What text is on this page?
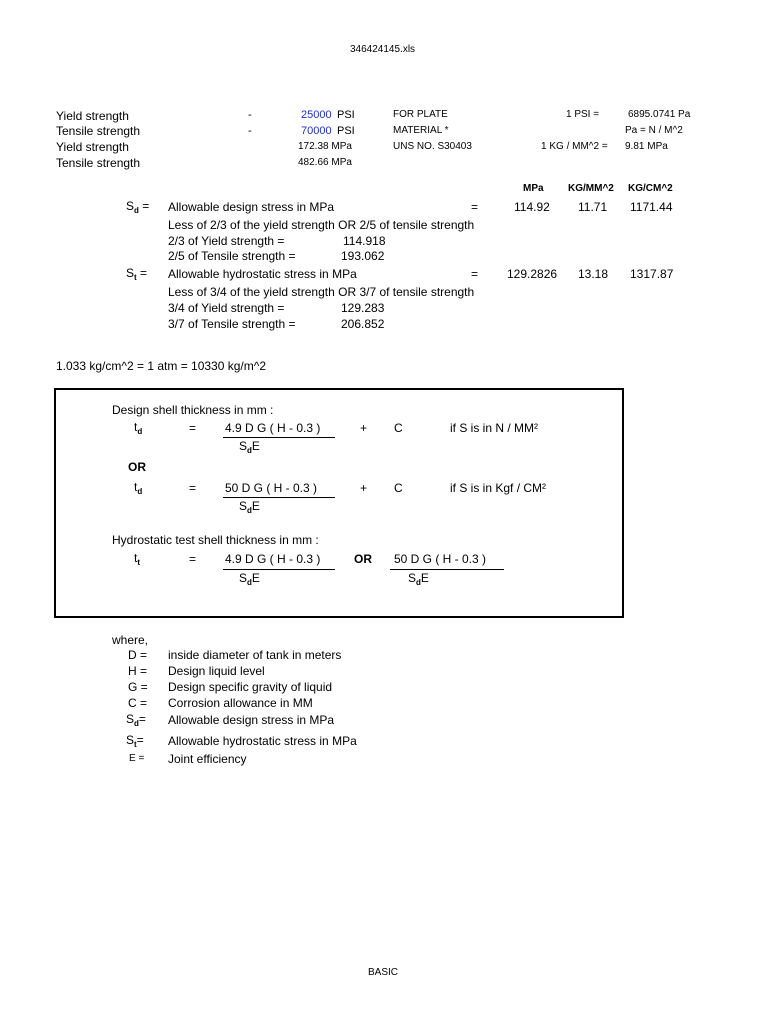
346424145.xls
Yield strength	-	25000 PSI	FOR PLATE	1 PSI =	6895.0741 Pa
Tensile strength	-	70000 PSI	MATERIAL *	Pa = N / M^2
Yield strength	172.38 MPa	UNS NO. S30403	1 KG / MM^2 = 9.81 MPa
Tensile strength	482.66 MPa
MPa KG/MM^2 KG/CM^2
$S_d$ = Allowable design stress in MPa	=	114.92 11.71 1171.44
Less of 2/3 of the yield strength OR 2/5 of tensile strength
2/3 of Yield strength =	114.918
2/5 of Tensile strength =	193.062
$S_t$ = Allowable hydrostatic stress in MPa	= 129.2826 13.18 1317.87
Less of 3/4 of the yield strength OR 3/7 of tensile strength
3/4 of Yield strength =	129.283
3/7 of Tensile strength =	206.852
1.033 kg/cm^2 = 1 atm = 10330 kg/m^2
Design shell thickness in mm :
$t_d$	= 4.9 D G ( H - 0.3 )
$S_dE$
+ C	if S is in N / MM²
OR
$t_d$	= 50 D G ( H - 0.3 )
$S_dE$
+ C	if S is in Kgf / CM²
Hydrostatic test shell thickness in mm :
$t_t$	= 4.9 D G ( H - 0.3 )
$S_dE$
OR 50 D G ( H - 0.3 )
$S_dE$
where,
D = inside diameter of tank in meters
H = Design liquid level
G = Design specific gravity of liquid
C = Corrosion allowance in MM
$S_d=$ Allowable design stress in MPa
$S_t=$ Allowable hydrostatic stress in MPa
E = Joint efficiency
BASIC
